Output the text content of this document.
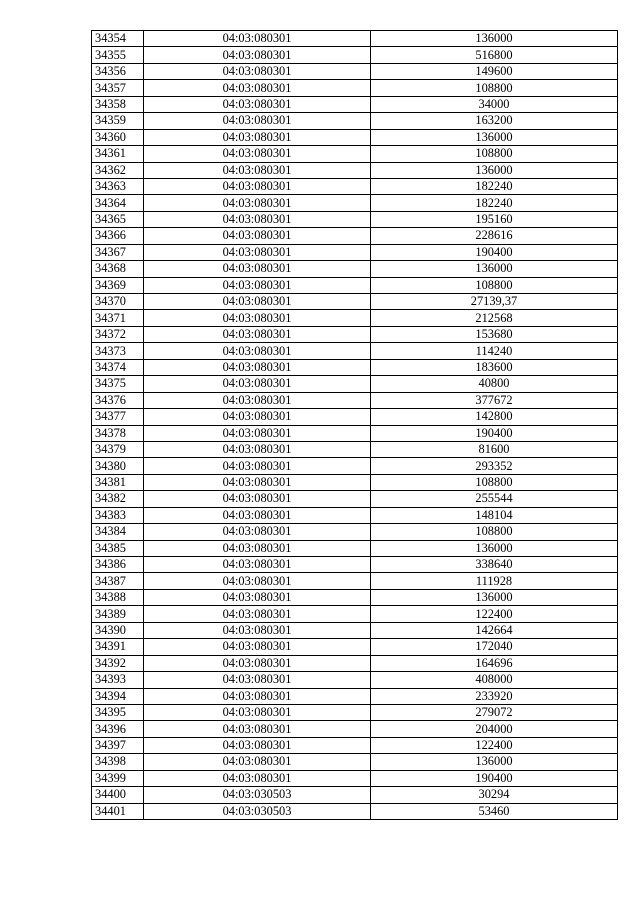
34354	04:03:080301	136000
34355	04:03:080301	516800
34356	04:03:080301	149600
34357	04:03:080301	108800
34358	04:03:080301	34000
34359	04:03:080301	163200
34360	04:03:080301	136000
34361	04:03:080301	108800
34362	04:03:080301	136000
34363	04:03:080301	182240
34364	04:03:080301	182240
34365	04:03:080301	195160
34366	04:03:080301	228616
34367	04:03:080301	190400
34368	04:03:080301	136000
34369	04:03:080301	108800
34370	04:03:080301	27139,37
34371	04:03:080301	212568
34372	04:03:080301	153680
34373	04:03:080301	114240
34374	04:03:080301	183600
34375	04:03:080301	40800
34376	04:03:080301	377672
34377	04:03:080301	142800
34378	04:03:080301	190400
34379	04:03:080301	81600
34380	04:03:080301	293352
34381	04:03:080301	108800
34382	04:03:080301	255544
34383	04:03:080301	148104
34384	04:03:080301	108800
34385	04:03:080301	136000
34386	04:03:080301	338640
34387	04:03:080301	111928
34388	04:03:080301	136000
34389	04:03:080301	122400
34390	04:03:080301	142664
34391	04:03:080301	172040
34392	04:03:080301	164696
34393	04:03:080301	408000
34394	04:03:080301	233920
34395	04:03:080301	279072
34396	04:03:080301	204000
34397	04:03:080301	122400
34398	04:03:080301	136000
34399	04:03:080301	190400
34400	04:03:030503	30294
34401	04:03:030503	53460
